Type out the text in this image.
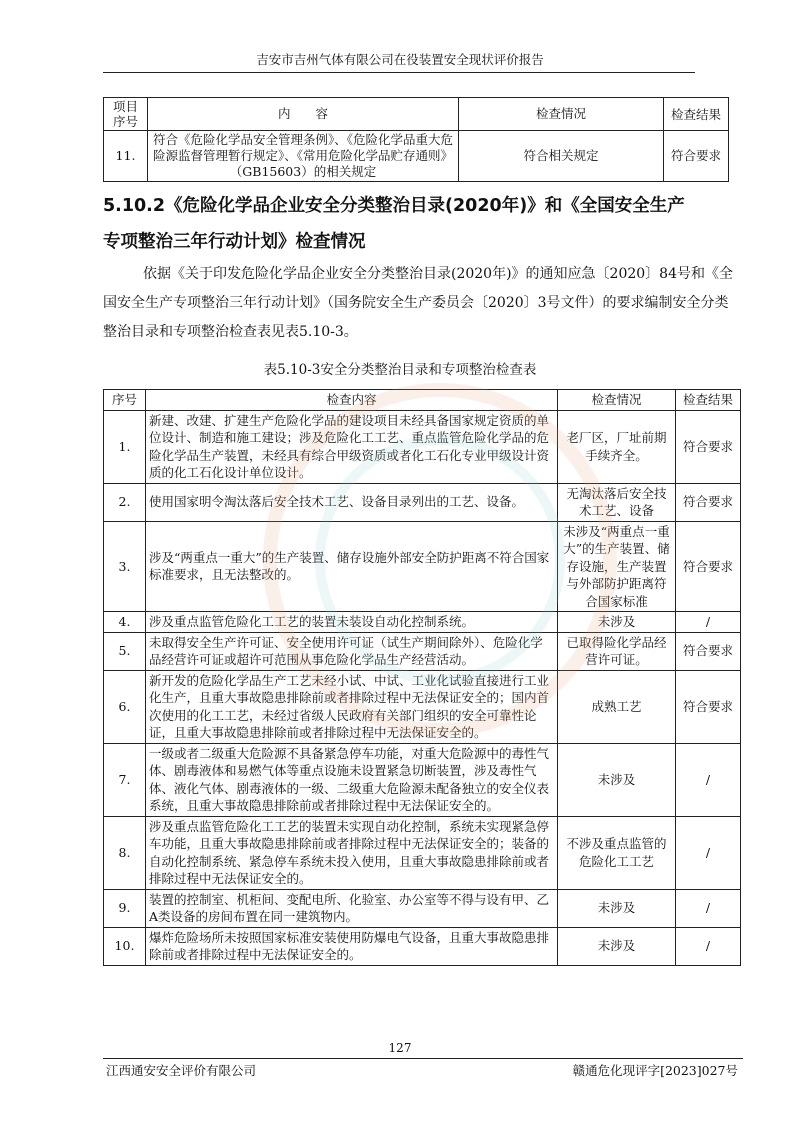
吉安市吉州气体有限公司在役装置安全现状评价报告
项目序号	内　　容	检查情况	检查结果
11.	符合《危险化学品安全管理条例》、《危险化学品重大危险源监督管理暂行规定》、《常用危险化学品贮存通则》（GB15603）的相关规定	符合相关规定	符合要求
5.10.2《危险化学品企业安全分类整治目录(2020年)》和《全国安全生产
专项整治三年行动计划》检查情况
依据《关于印发危险化学品企业安全分类整治目录(2020年)》的通知应急〔2020〕84号和《全国安全生产专项整治三年行动计划》（国务院安全生产委员会〔2020〕3号文件）的要求编制安全分类整治目录和专项整治检查表见表5.10-3。
表5.10-3安全分类整治目录和专项整治检查表
序号	检查内容	检查情况	检查结果
1.	新建、改建、扩建生产危险化学品的建设项目未经具备国家规定资质的单位设计、制造和施工建设；涉及危险化工工艺、重点监管危险化学品的危险化学品生产装置，未经具有综合甲级资质或者化工石化专业甲级设计资质的化工石化设计单位设计。	老厂区，厂址前期手续齐全。	符合要求
2.	使用国家明令淘汰落后安全技术工艺、设备目录列出的工艺、设备。	无淘汰落后安全技术工艺、设备	符合要求
3.	涉及“两重点一重大”的生产装置、储存设施外部安全防护距离不符合国家标准要求，且无法整改的。	未涉及“两重点一重大”的生产装置、储存设施，生产装置与外部防护距离符合国家标准	符合要求
4.	涉及重点监管危险化工工艺的装置未装设自动化控制系统。	未涉及	/
5.	未取得安全生产许可证、安全使用许可证（试生产期间除外）、危险化学品经营许可证或超许可范围从事危险化学品生产经营活动。	已取得险化学品经营许可证。	符合要求
6.	新开发的危险化学品生产工艺未经小试、中试、工业化试验直接进行工业化生产，且重大事故隐患排除前或者排除过程中无法保证安全的；国内首次使用的化工工艺，未经过省级人民政府有关部门组织的安全可靠性论证，且重大事故隐患排除前或者排除过程中无法保证安全的。	成熟工艺	符合要求
7.	一级或者二级重大危险源不具备紧急停车功能，对重大危险源中的毒性气体、剧毒液体和易燃气体等重点设施未设置紧急切断装置，涉及毒性气体、液化气体、剧毒液体的一级、二级重大危险源未配备独立的安全仪表系统，且重大事故隐患排除前或者排除过程中无法保证安全的。	未涉及	/
8.	涉及重点监管危险化工工艺的装置未实现自动化控制，系统未实现紧急停车功能，且重大事故隐患排除前或者排除过程中无法保证安全的；装备的自动化控制系统、紧急停车系统未投入使用，且重大事故隐患排除前或者排除过程中无法保证安全的。	不涉及重点监管的危险化工工艺	/
9.	装置的控制室、机柜间、变配电所、化验室、办公室等不得与设有甲、乙A类设备的房间布置在同一建筑物内。	未涉及	/
10.	爆炸危险场所未按照国家标准安装使用防爆电气设备，且重大事故隐患排除前或者排除过程中无法保证安全的。	未涉及	/
127
江西通安安全评价有限公司	赣通危化现评字[2023]027号
